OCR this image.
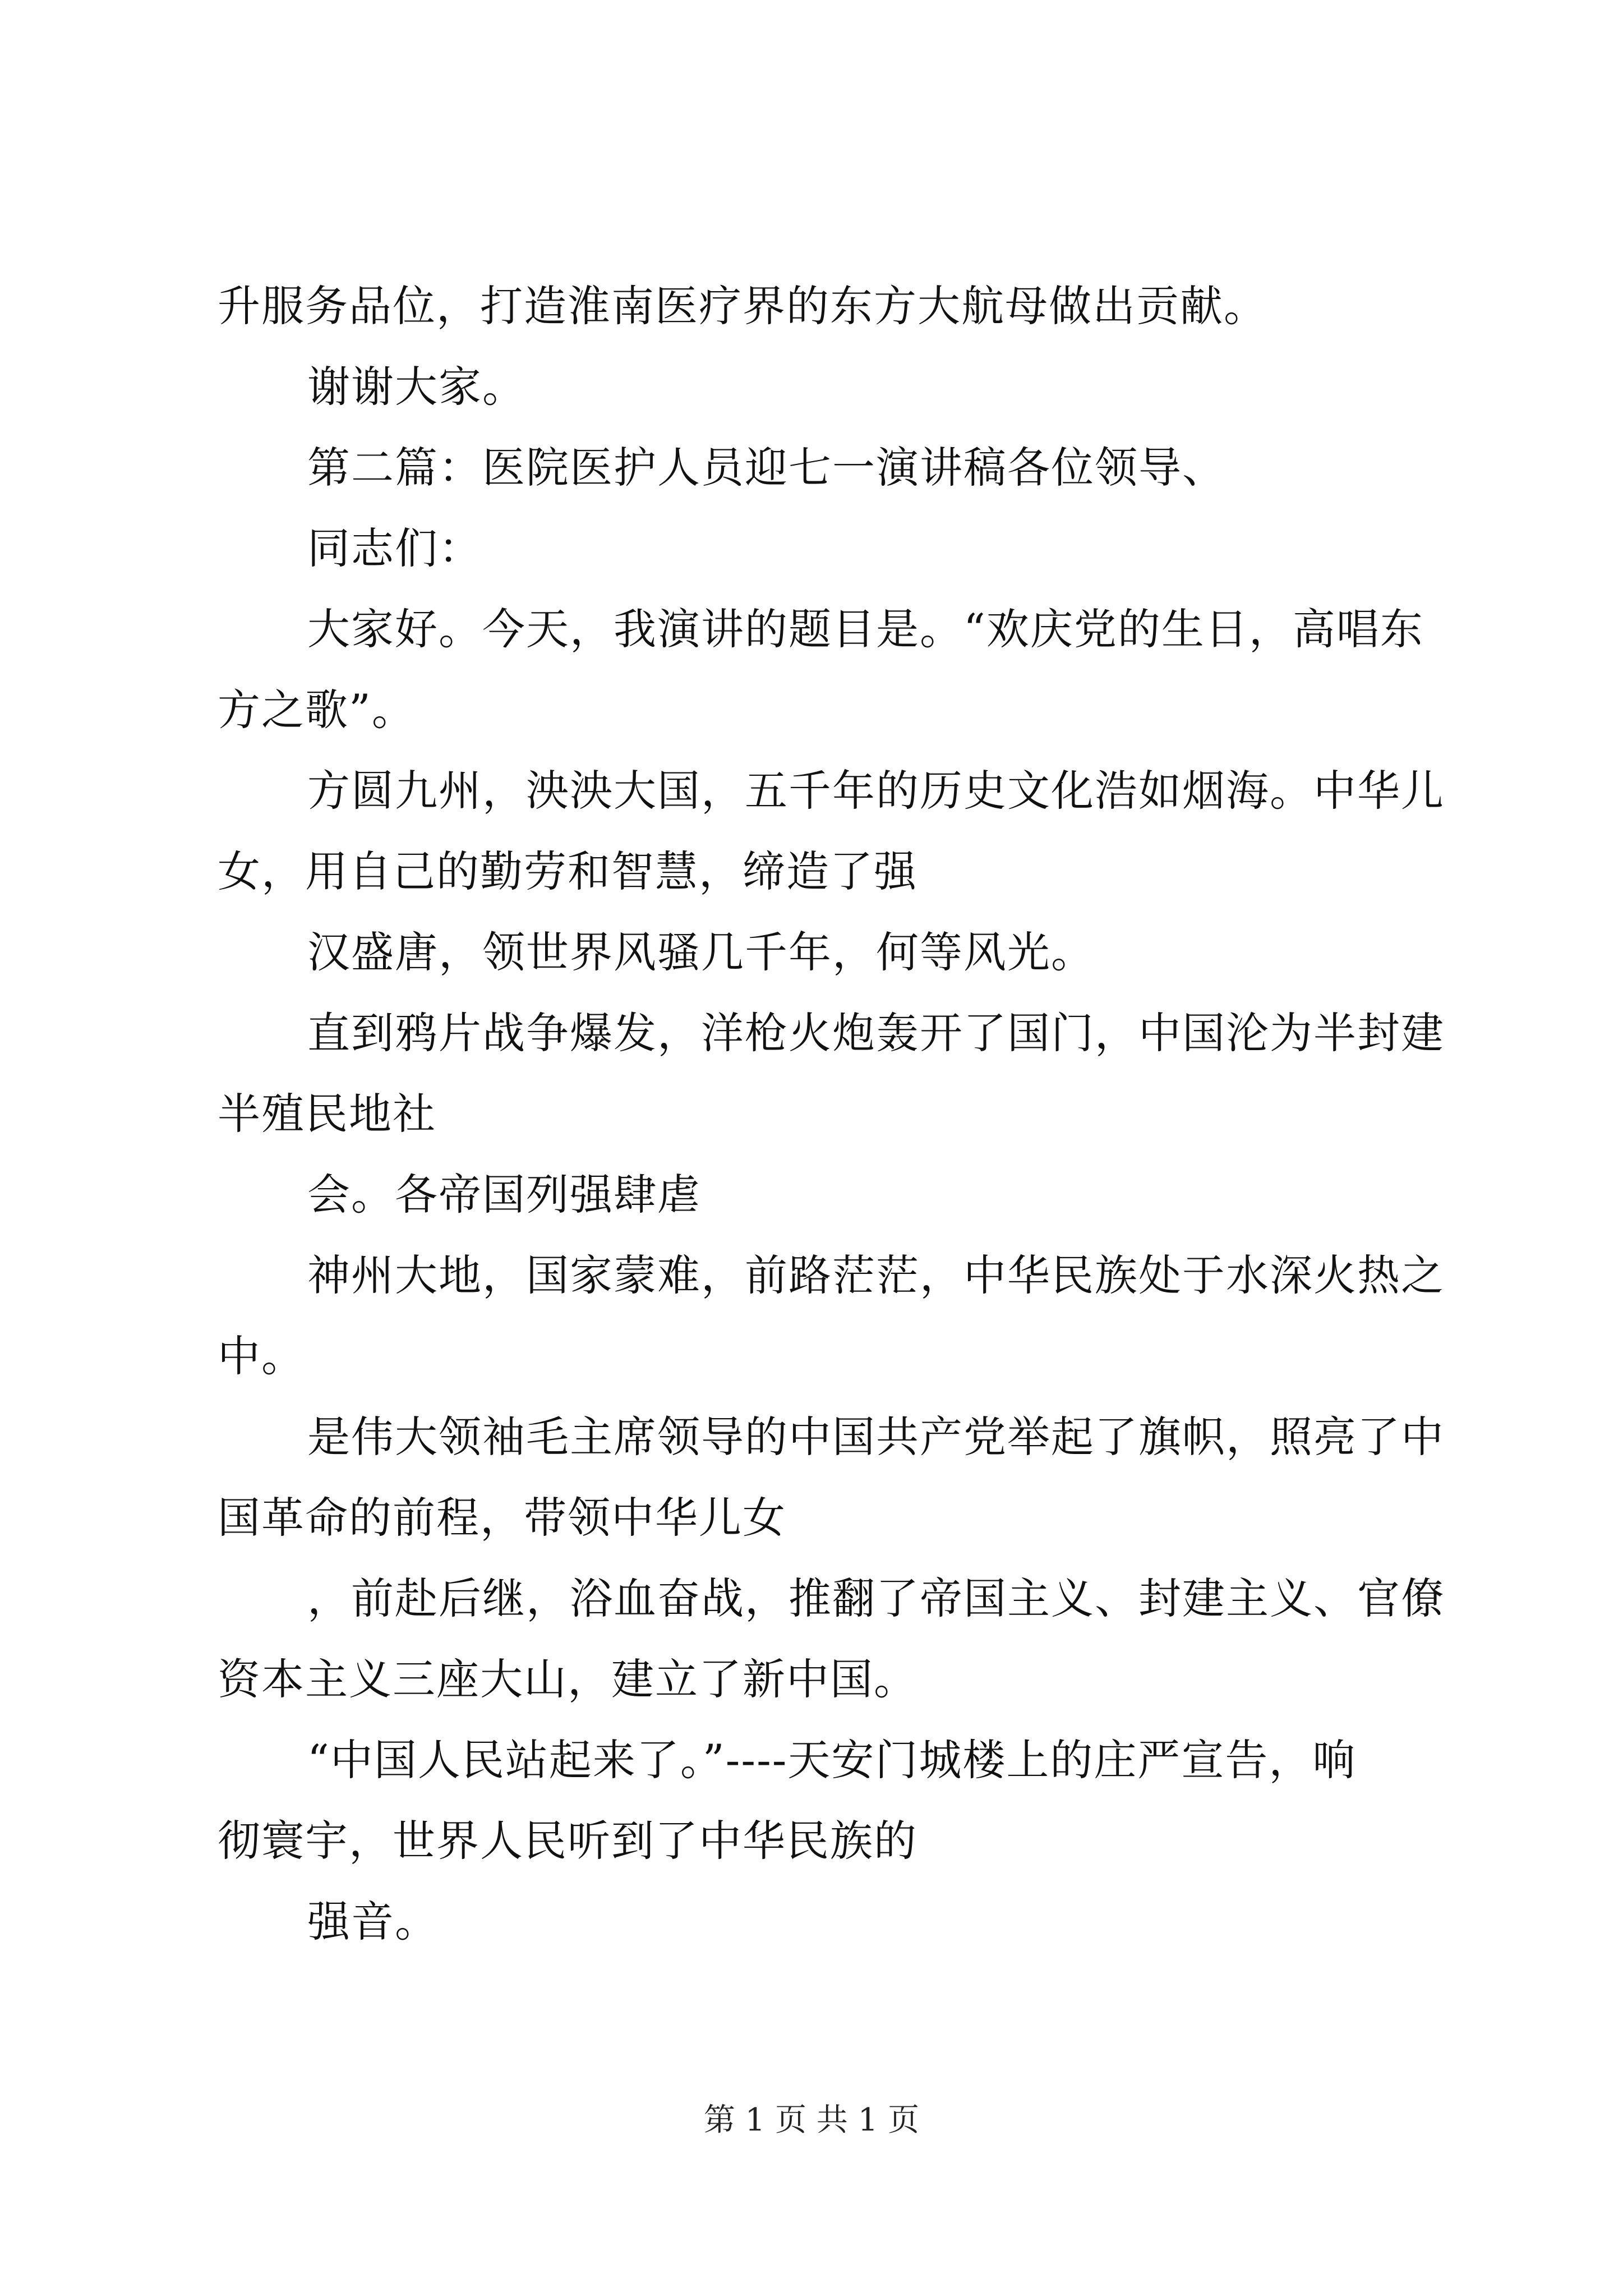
升服务品位，打造淮南医疗界的东方大航母做出贡献。
谢谢大家。
第二篇：医院医护人员迎七一演讲稿各位领导、
同志们：
大家好。今天，我演讲的题目是。“欢庆党的生日，高唱东
方之歌”。
方圆九州，泱泱大国，五千年的历史文化浩如烟海。中华儿
女，用自己的勤劳和智慧，缔造了强
汉盛唐，领世界风骚几千年，何等风光。
直到鸦片战争爆发，洋枪火炮轰开了国门，中国沦为半封建
半殖民地社
会。各帝国列强肆虐
神州大地，国家蒙难，前路茫茫，中华民族处于水深火热之
中。
是伟大领袖毛主席领导的中国共产党举起了旗帜，照亮了中
国革命的前程，带领中华儿女
，前赴后继，浴血奋战，推翻了帝国主义、封建主义、官僚
资本主义三座大山，建立了新中国。
“中国人民站起来了。”----天安门城楼上的庄严宣告，响
彻寰宇，世界人民听到了中华民族的
强音。
第 1 页 共 1 页
